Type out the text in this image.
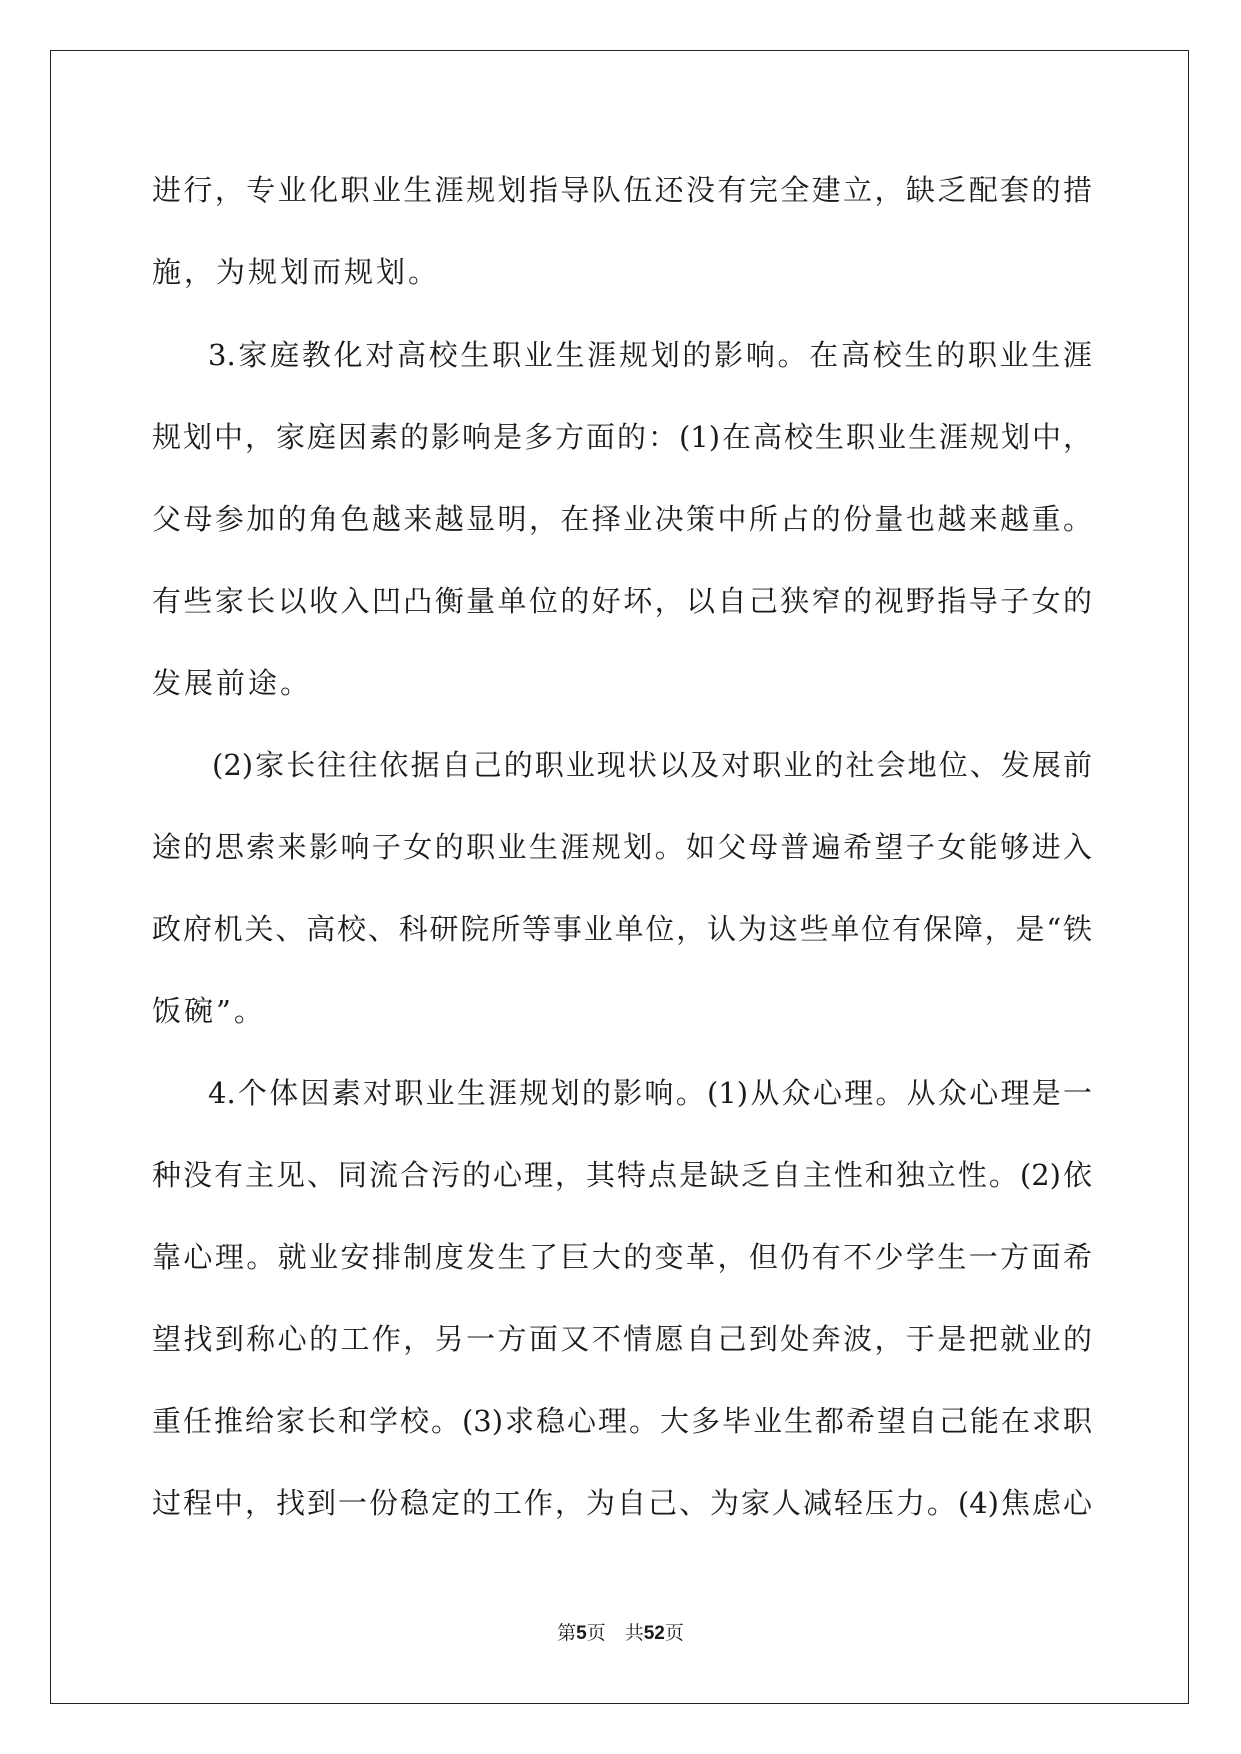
进行，专业化职业生涯规划指导队伍还没有完全建立，缺乏配套的措
施，为规划而规划。
3.家庭教化对高校生职业生涯规划的影响。在高校生的职业生涯
规划中，家庭因素的影响是多方面的：(1)在高校生职业生涯规划中，
父母参加的角色越来越显明，在择业决策中所占的份量也越来越重。
有些家长以收入凹凸衡量单位的好坏，以自己狭窄的视野指导子女的
发展前途。
(2)家长往往依据自己的职业现状以及对职业的社会地位、发展前
途的思索来影响子女的职业生涯规划。如父母普遍希望子女能够进入
政府机关、高校、科研院所等事业单位，认为这些单位有保障，是“铁
饭碗”。
4.个体因素对职业生涯规划的影响。(1)从众心理。从众心理是一
种没有主见、同流合污的心理，其特点是缺乏自主性和独立性。(2)依
靠心理。就业安排制度发生了巨大的变革，但仍有不少学生一方面希
望找到称心的工作，另一方面又不情愿自己到处奔波，于是把就业的
重任推给家长和学校。(3)求稳心理。大多毕业生都希望自己能在求职
过程中，找到一份稳定的工作，为自己、为家人减轻压力。(4)焦虑心
第5页　共52页
